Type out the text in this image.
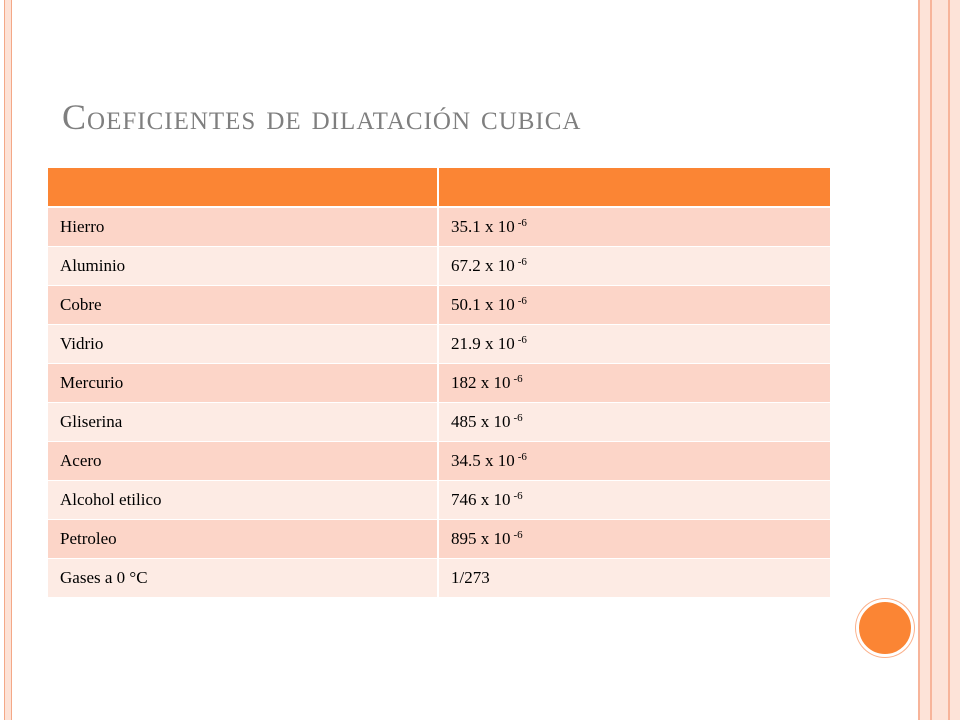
Coeficientes de dilatación cubica

Hierro	35.1 x 10 $^{-6}$
Aluminio	67.2 x 10 $^{-6}$
Cobre	50.1 x 10 $^{-6}$
Vidrio	21.9 x 10 $^{-6}$
Mercurio	182 x 10 $^{-6}$
Gliserina	485 x 10 $^{-6}$
Acero	34.5 x 10 $^{-6}$
Alcohol etilico	746 x 10 $^{-6}$
Petroleo	895 x 10 $^{-6}$
Gases a 0 °C	1/273
